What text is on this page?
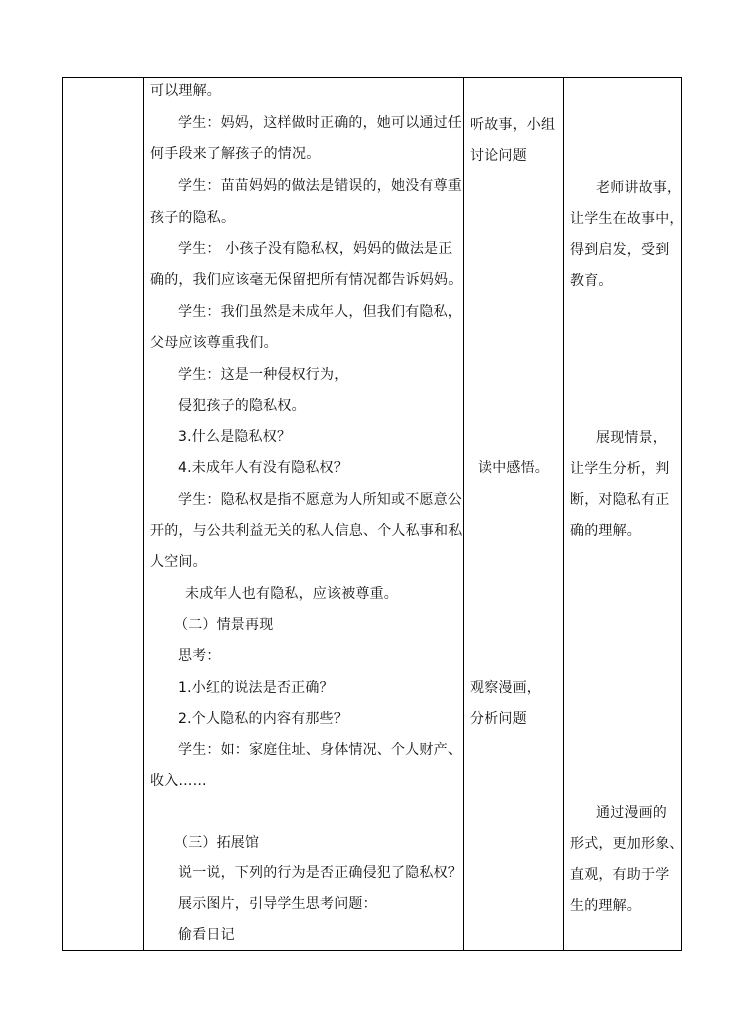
可以理解。
学生：妈妈，这样做时正确的，她可以通过任
何手段来了解孩子的情况。
学生：苗苗妈妈的做法是错误的，她没有尊重
孩子的隐私。
学生： 小孩子没有隐私权，妈妈的做法是正
确的，我们应该毫无保留把所有情况都告诉妈妈。
学生：我们虽然是未成年人，但我们有隐私，
父母应该尊重我们。
学生：这是一种侵权行为，
侵犯孩子的隐私权。
3.什么是隐私权？
4.未成年人有没有隐私权？
学生：隐私权是指不愿意为人所知或不愿意公
开的，与公共利益无关的私人信息、个人私事和私
人空间。
未成年人也有隐私，应该被尊重。
（二）情景再现
思考：
1.小红的说法是否正确？
2.个人隐私的内容有那些？
学生：如：家庭住址、身体情况、个人财产、
收入……
（三）拓展馆
说一说，下列的行为是否正确侵犯了隐私权？
展示图片，引导学生思考问题：
偷看日记
听故事，小组
讨论问题
读中感悟。
观察漫画，
分析问题
老师讲故事，
让学生在故事中，
得到启发，受到
教育。
展现情景，
让学生分析，判
断，对隐私有正
确的理解。
通过漫画的
形式，更加形象、
直观，有助于学
生的理解。
